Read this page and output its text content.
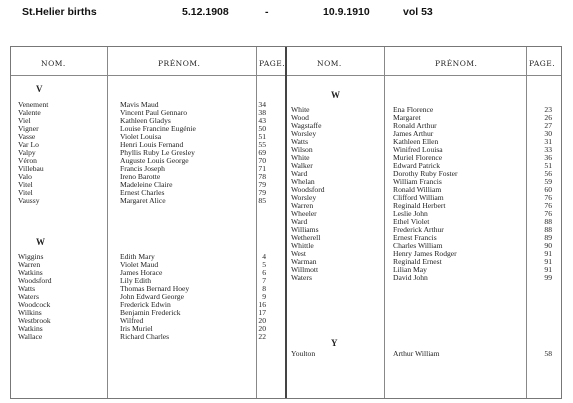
St.Helier births	5.12.1908	-	10.9.1910	vol 53
NOM.	PRÉNOM.	PAGE.	NOM.	PRÉNOM.	PAGE.
V
Venement	Mavis Maud	34
Valente	Vincent Paul Gennaro	38
Viel	Kathleen Gladys	43
Vigner	Louise Francine Eugénie	50
Vasse	Violet Louisa	51
Var Lo	Henri Louis Fernand	55
Valpy	Phyllis Ruby Le Gresley	69
Véron	Auguste Louis George	70
Villebau	Francis Joseph	71
Valo	Ireno Barotte	78
Vitel	Madeleine Claire	79
Vitel	Ernest Charles	79
Vaussy	Margaret Alice	85
W
Wiggins	Edith Mary	4
Warren	Violet Maud	5
Watkins	James Horace	6
Woodsford	Lily Edith	7
Watts	Thomas Bernard Hoey	8
Waters	John Edward George	9
Woodcock	Frederick Edwin	16
Wilkins	Benjamin Frederick	17
Westbrook	Wilfred	20
Watkins	Iris Muriel	20
Wallace	Richard Charles	22
W
White	Ena Florence	23
Wood	Margaret	26
Wagstaffe	Ronald Arthur	27
Worsley	James Arthur	30
Watts	Kathleen Ellen	31
Wilson	Winifred Louisa	33
White	Muriel Florence	36
Walker	Edward Patrick	51
Ward	Dorothy Ruby Foster	56
Whelan	William Francis	59
Woodsford	Ronald William	60
Worsley	Clifford William	76
Warren	Reginald Herbert	76
Wheeler	Leslie John	76
Ward	Ethel Violet	88
Williams	Frederick Arthur	88
Wetherell	Ernest Francis	89
Whittle	Charles William	90
West	Henry James Rodger	91
Warman	Reginald Ernest	91
Willmott	Lilian May	91
Waters	David John	99
Y
Youlton	Arthur William	58
